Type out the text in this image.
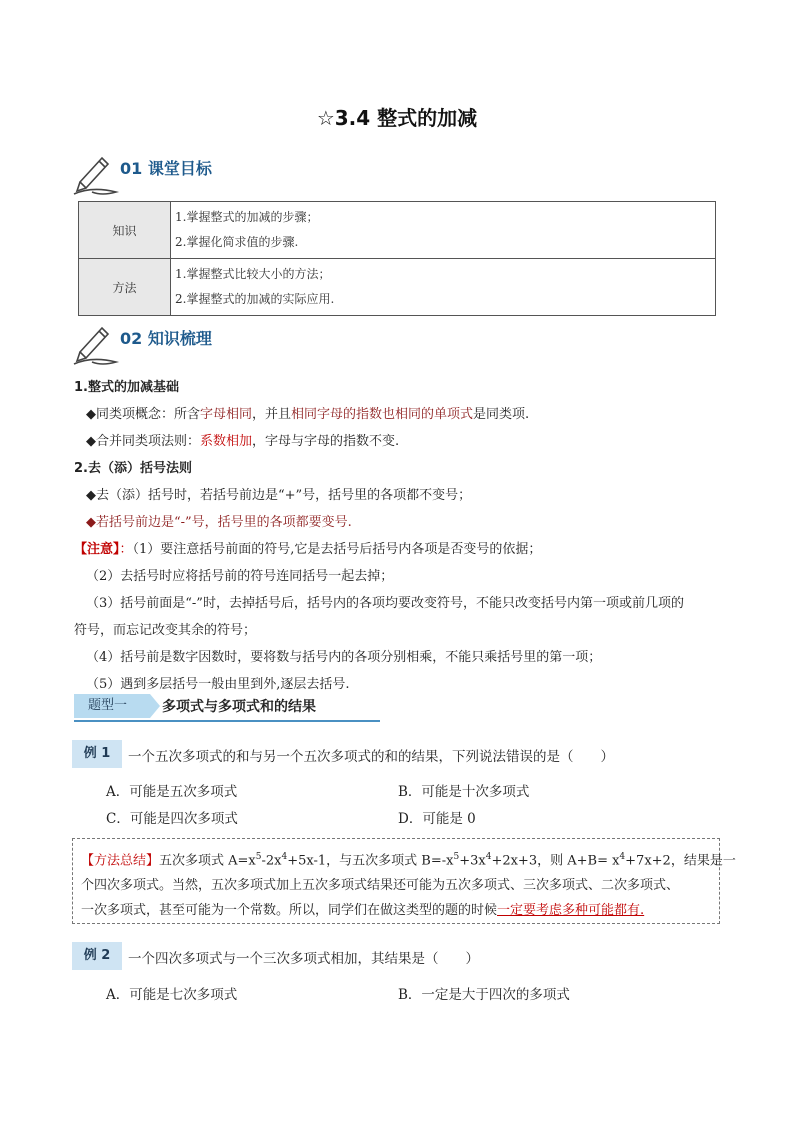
☆3.4 整式的加减
01 课堂目标
知识	1.掌握整式的加减的步骤；
2.掌握化简求值的步骤.

方法	1.掌握整式比较大小的方法；
2.掌握整式的加减的实际应用.
02 知识梳理
1.整式的加减基础
◆同类项概念：所含字母相同，并且相同字母的指数也相同的单项式是同类项.
◆合并同类项法则：系数相加，字母与字母的指数不变.
2.去（添）括号法则
◆去（添）括号时，若括号前边是“+”号，括号里的各项都不变号；
◆若括号前边是“-”号，括号里的各项都要变号.
【注意】：（1）要注意括号前面的符号,它是去括号后括号内各项是否变号的依据；
（2）去括号时应将括号前的符号连同括号一起去掉；
（3）括号前面是“-”时，去掉括号后，括号内的各项均要改变符号，不能只改变括号内第一项或前几项的
符号，而忘记改变其余的符号；
（4）括号前是数字因数时，要将数与括号内的各项分别相乘，不能只乘括号里的第一项；
（5）遇到多层括号一般由里到外,逐层去括号.
题型一	多项式与多项式和的结果
例 1	一个五次多项式的和与另一个五次多项式的和的结果，下列说法错误的是（　　）
A．可能是五次多项式	B．可能是十次多项式
C．可能是四次多项式	D．可能是 0
【方法总结】五次多项式 $A=x^5-2x^4+5x-1$，与五次多项式 $B=-x^5+3x^4+2x+3$，则 $A+B= x^4+7x+2$，结果是一
个四次多项式。当然，五次多项式加上五次多项式结果还可能为五次多项式、三次多项式、二次多项式、
一次多项式，甚至可能为一个常数。所以，同学们在做这类型的题的时候一定要考虑多种可能都有.
例 2	一个四次多项式与一个三次多项式相加，其结果是（　　）
A．可能是七次多项式	B．一定是大于四次的多项式
